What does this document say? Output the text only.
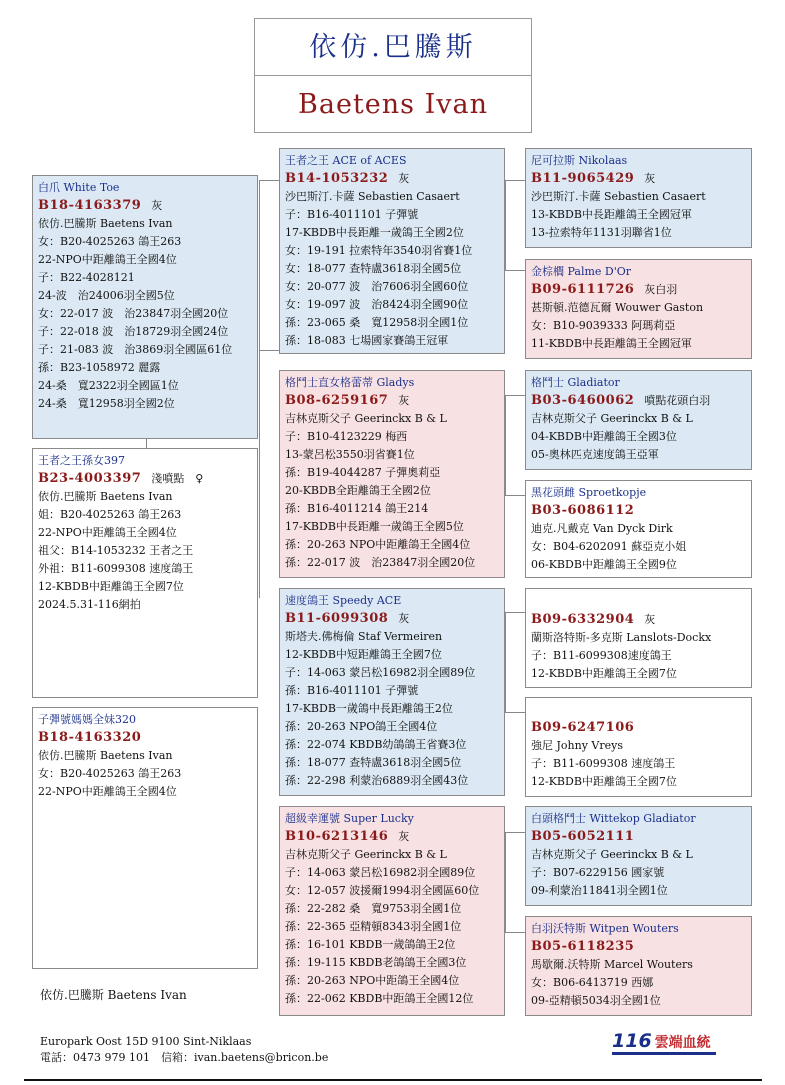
依仿.巴騰斯
Baetens Ivan
白爪 White Toe
B18-4163379 灰
依仿.巴騰斯 Baetens Ivan
女：B20-4025263 鴿王263
22-NPO中距離鴿王全國4位
子：B22-4028121
24-波　治24006羽全國5位
女：22-017 波　治23847羽全國20位
子：22-018 波　治18729羽全國24位
子：21-083 波　治3869羽全國區61位
孫：B23-1058972 麗露
24-桑　寬2322羽全國區1位
24-桑　寬12958羽全國2位
王者之王孫女397
B23-4003397 淺噴點　♀
依仿.巴騰斯 Baetens Ivan
姐：B20-4025263 鴿王263
22-NPO中距離鴿王全國4位
祖父：B14-1053232 王者之王
外祖：B11-6099308 速度鴿王
12-KBDB中距離鴿王全國7位
2024.5.31-116網拍
子彈號媽媽全妹320
B18-4163320
依仿.巴騰斯 Baetens Ivan
女：B20-4025263 鴿王263
22-NPO中距離鴿王全國4位
王者之王 ACE of ACES
B14-1053232 灰
沙巴斯汀.卡薩 Sebastien Casaert
子：B16-4011101 子彈號
17-KBDB中長距離一歲鴿王全國2位
女：19-191 拉索特年3540羽省賽1位
女：18-077 查特盧3618羽全國5位
女：20-077 波　治7606羽全國60位
女：19-097 波　治8424羽全國90位
孫：23-065 桑　寬12958羽全國1位
孫：18-083 七場國家賽鴿王冠軍
格鬥士直女格蕾蒂 Gladys
B08-6259167 灰
吉林克斯父子 Geerinckx B & L
子：B10-4123229 梅西
13-蒙呂松3550羽省賽1位
孫：B19-4044287 子彈奧莉亞
20-KBDB全距離鴿王全國2位
孫：B16-4011214 鴿王214
17-KBDB中長距離一歲鴿王全國5位
孫：20-263 NPO中距離鴿王全國4位
孫：22-017 波　治23847羽全國20位
速度鴿王 Speedy ACE
B11-6099308 灰
斯塔夫.佛梅倫 Staf Vermeiren
12-KBDB中短距離鴿王全國7位
子：14-063 蒙呂松16982羽全國89位
孫：B16-4011101 子彈號
17-KBDB一歲鴿中長距離鴿王2位
孫：20-263 NPO鴿王全國4位
孫：22-074 KBDB幼鴿鴿王省賽3位
孫：18-077 查特盧3618羽全國5位
孫：22-298 利蒙治6889羽全國43位
超級幸運號 Super Lucky
B10-6213146 灰
吉林克斯父子 Geerinckx B & L
子：14-063 蒙呂松16982羽全國89位
女：12-057 波援爾1994羽全國區60位
孫：22-282 桑　寬9753羽全國1位
孫：22-365 亞精頓8343羽全國1位
孫：16-101 KBDB一歲鴿鴿王2位
孫：19-115 KBDB老鴿鴿王全國3位
孫：20-263 NPO中距鴿王全國4位
孫：22-062 KBDB中距鴿王全國12位
尼可拉斯 Nikolaas
B11-9065429 灰
沙巴斯汀.卡薩 Sebastien Casaert
13-KBDB中長距離鴿王全國冠軍
13-拉索特年1131羽聯省1位
金棕櫚 Palme D'Or
B09-6111726 灰白羽
甚斯頓.范德瓦爾 Wouwer Gaston
女：B10-9039333 阿瑪莉亞
11-KBDB中長距離鴿王全國冠軍
格鬥士 Gladiator
B03-6460062 噴點花頭白羽
吉林克斯父子 Geerinckx B & L
04-KBDB中距離鴿王全國3位
05-奧林匹克速度鴿王亞軍
黑花頭雌 Sproetkopje
B03-6086112
迪克.凡戴克 Van Dyck Dirk
女：B04-6202091 蘇亞克小姐
06-KBDB中距離鴿王全國9位
B09-6332904 灰
蘭斯洛特斯-多克斯 Lanslots-Dockx
子：B11-6099308速度鴿王
12-KBDB中距離鴿王全國7位
B09-6247106
強尼 Johny Vreys
子：B11-6099308 速度鴿王
12-KBDB中距離鴿王全國7位
白頭格鬥士 Wittekop Gladiator
B05-6052111
吉林克斯父子 Geerinckx B & L
子：B07-6229156 國家號
09-利蒙治11841羽全國1位
白羽沃特斯 Witpen Wouters
B05-6118235
馬歇爾.沃特斯 Marcel Wouters
女：B06-6413719 西娜
09-亞精頓5034羽全國1位
依仿.巴騰斯 Baetens Ivan
Europark Oost 15D 9100 Sint-Niklaas
電話：0473 979 101　信箱：ivan.baetens@bricon.be
116 雲端血統
